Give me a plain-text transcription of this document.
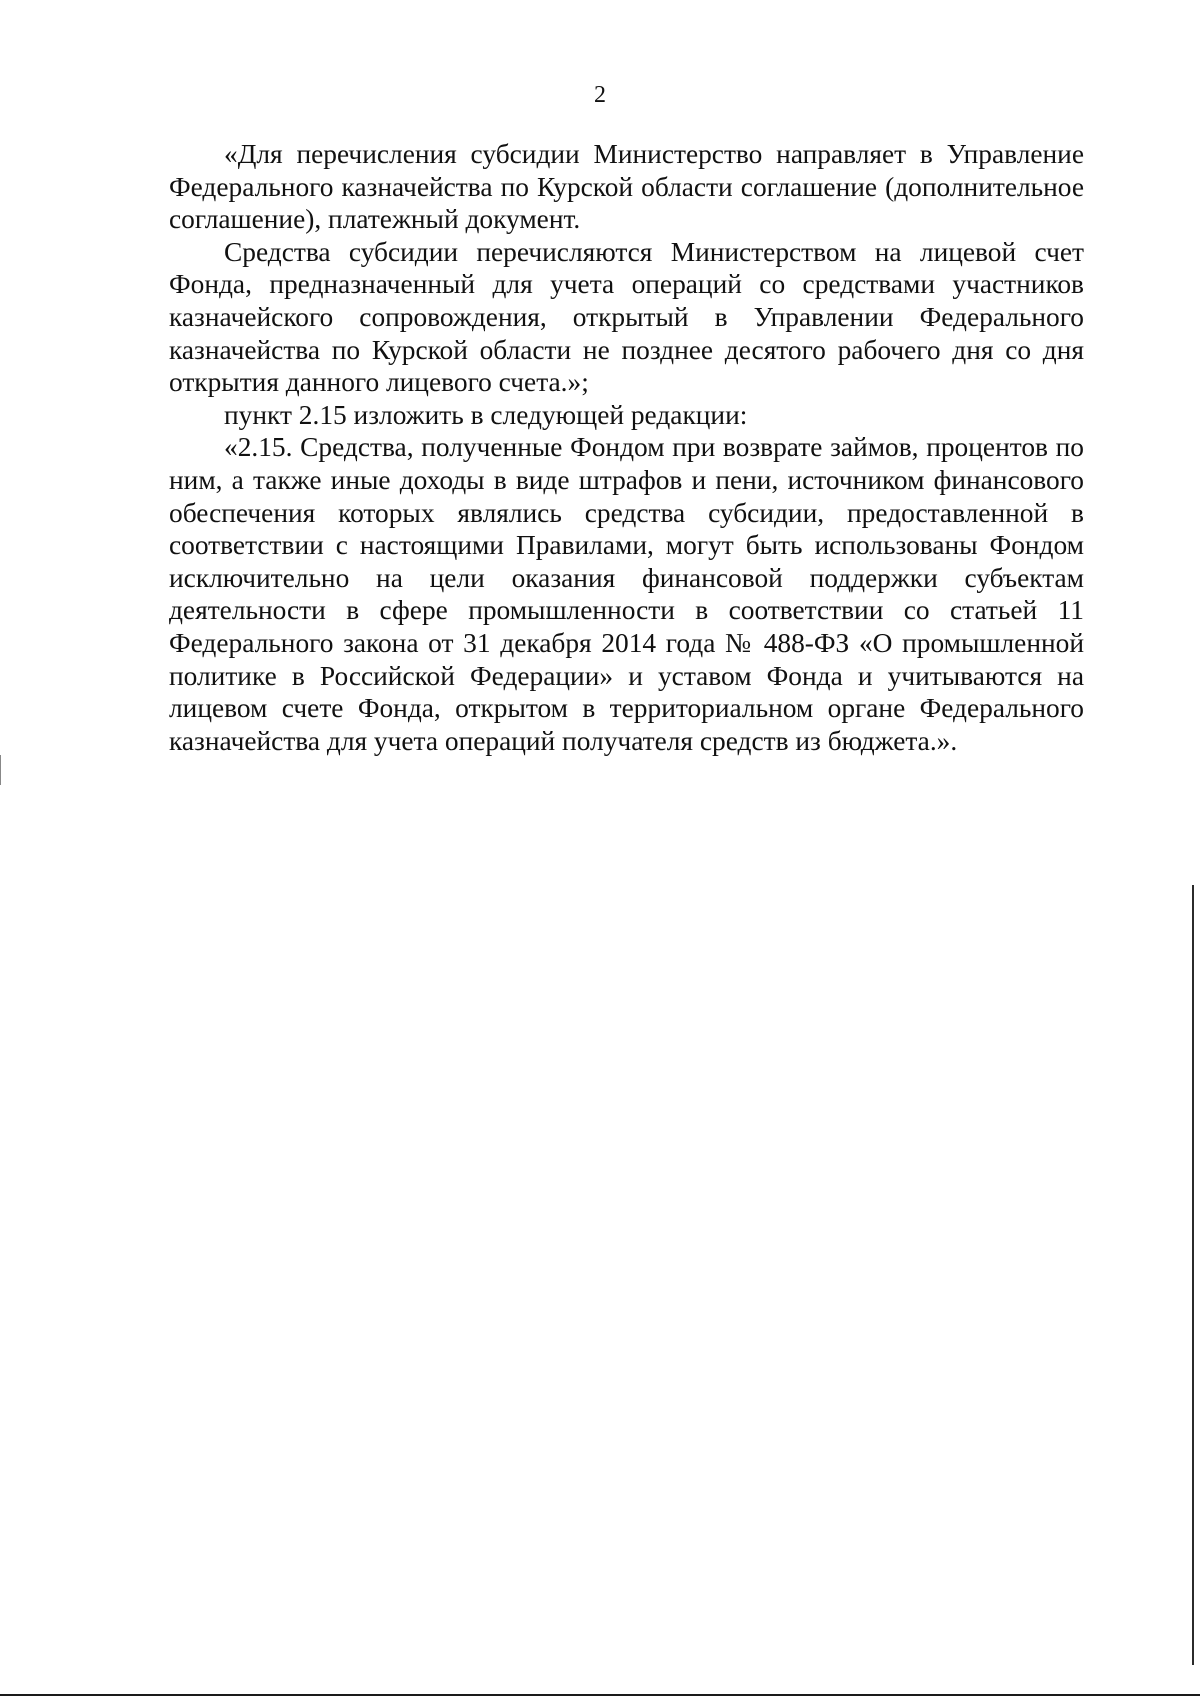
2

«Для перечисления субсидии Министерство направляет в Управление Федерального казначейства по Курской области соглашение (дополнительное соглашение), платежный документ.

Средства субсидии перечисляются Министерством на лицевой счет Фонда, предназначенный для учета операций со средствами участников казначейского сопровождения, открытый в Управлении Федерального казначейства по Курской области не позднее десятого рабочего дня со дня открытия данного лицевого счета.»;

пункт 2.15 изложить в следующей редакции:

«2.15. Средства, полученные Фондом при возврате займов, процентов по ним, а также иные доходы в виде штрафов и пени, источником финансового обеспечения которых являлись средства субсидии, предоставленной в соответствии с настоящими Правилами, могут быть использованы Фондом исключительно на цели оказания финансовой поддержки субъектам деятельности в сфере промышленности в соответствии со статьей 11 Федерального закона от 31 декабря 2014 года № 488-ФЗ «О промышленной политике в Российской Федерации» и уставом Фонда и учитываются на лицевом счете Фонда, открытом в территориальном органе Федерального казначейства для учета операций получателя средств из бюджета.».
